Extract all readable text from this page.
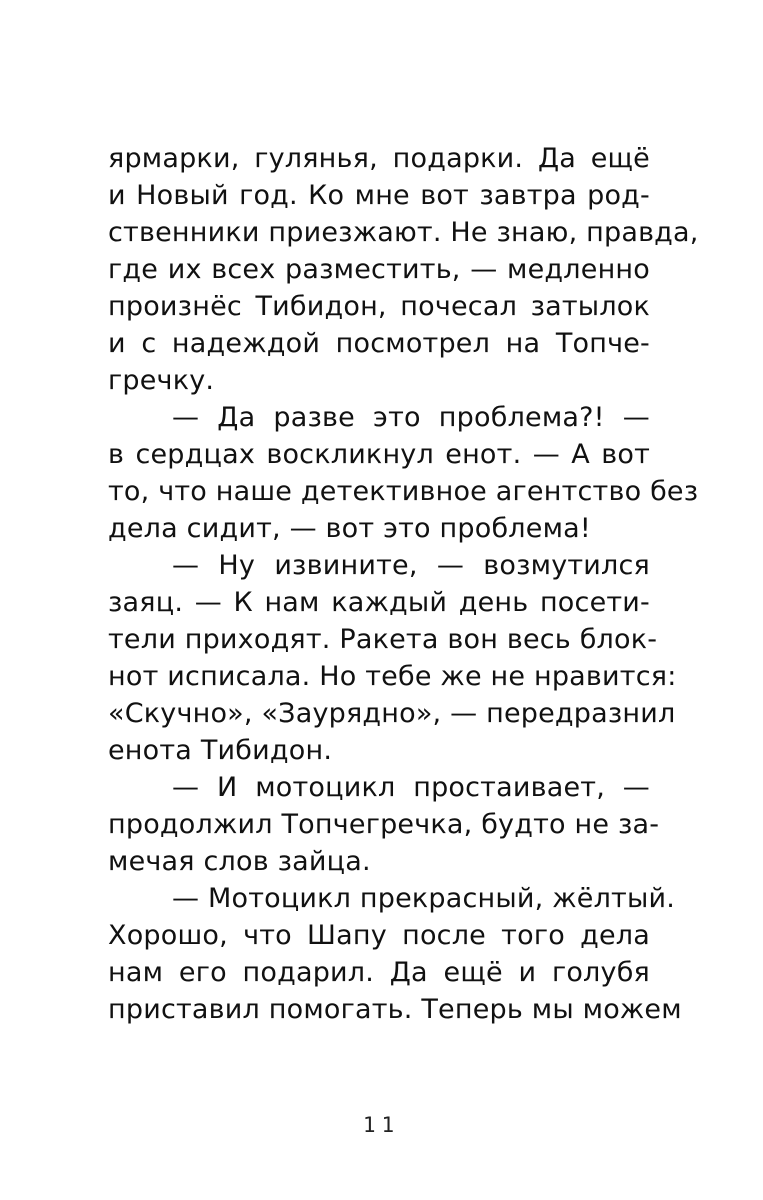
ярмарки, гулянья, подарки. Да ещё
и Новый год. Ко мне вот завтра род-
ственники приезжают. Не знаю, правда,
где их всех разместить, — медленно
произнёс Тибидон, почесал затылок
и с надеждой посмотрел на Топче-
гречку.
— Да разве это проблема?! —
в сердцах воскликнул енот. — А вот
то, что наше детективное агентство без
дела сидит, — вот это проблема!
— Ну извините, — возмутился
заяц. — К нам каждый день посети-
тели приходят. Ракета вон весь блок-
нот исписала. Но тебе же не нравится:
«Скучно», «Заурядно», — передразнил
енота Тибидон.
— И мотоцикл простаивает, —
продолжил Топчегречка, будто не за-
мечая слов зайца.
— Мотоцикл прекрасный, жёлтый.
Хорошо, что Шапу после того дела
нам его подарил. Да ещё и голубя
приставил помогать. Теперь мы можем
11
